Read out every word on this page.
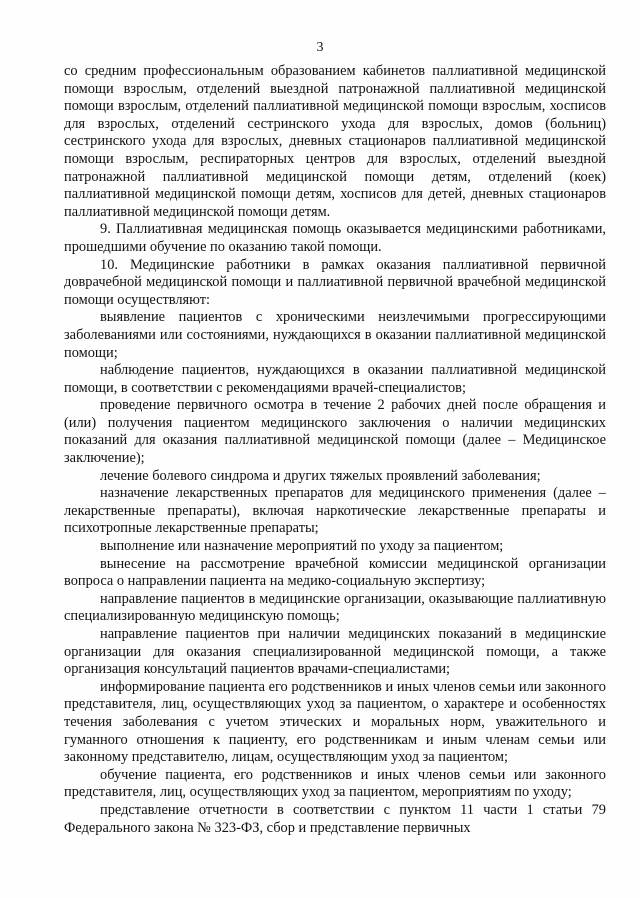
3

со средним профессиональным образованием кабинетов паллиативной медицинской помощи взрослым, отделений выездной патронажной паллиативной медицинской помощи взрослым, отделений паллиативной медицинской помощи взрослым, хосписов для взрослых, отделений сестринского ухода для взрослых, домов (больниц) сестринского ухода для взрослых, дневных стационаров паллиативной медицинской помощи взрослым, респираторных центров для взрослых, отделений выездной патронажной паллиативной медицинской помощи детям, отделений (коек) паллиативной медицинской помощи детям, хосписов для детей, дневных стационаров паллиативной медицинской помощи детям.

9. Паллиативная медицинская помощь оказывается медицинскими работниками, прошедшими обучение по оказанию такой помощи.

10. Медицинские работники в рамках оказания паллиативной первичной доврачебной медицинской помощи и паллиативной первичной врачебной медицинской помощи осуществляют:

выявление пациентов с хроническими неизлечимыми прогрессирующими заболеваниями или состояниями, нуждающихся в оказании паллиативной медицинской помощи;

наблюдение пациентов, нуждающихся в оказании паллиативной медицинской помощи, в соответствии с рекомендациями врачей-специалистов;

проведение первичного осмотра в течение 2 рабочих дней после обращения и (или) получения пациентом медицинского заключения о наличии медицинских показаний для оказания паллиативной медицинской помощи (далее – Медицинское заключение);

лечение болевого синдрома и других тяжелых проявлений заболевания;

назначение лекарственных препаратов для медицинского применения (далее – лекарственные препараты), включая наркотические лекарственные препараты и психотропные лекарственные препараты;

выполнение или назначение мероприятий по уходу за пациентом;

вынесение на рассмотрение врачебной комиссии медицинской организации вопроса о направлении пациента на медико-социальную экспертизу;

направление пациентов в медицинские организации, оказывающие паллиативную специализированную медицинскую помощь;

направление пациентов при наличии медицинских показаний в медицинские организации для оказания специализированной медицинской помощи, а также организация консультаций пациентов врачами-специалистами;

информирование пациента его родственников и иных членов семьи или законного представителя, лиц, осуществляющих уход за пациентом, о характере и особенностях течения заболевания с учетом этических и моральных норм, уважительного и гуманного отношения к пациенту, его родственникам и иным членам семьи или законному представителю, лицам, осуществляющим уход за пациентом;

обучение пациента, его родственников и иных членов семьи или законного представителя, лиц, осуществляющих уход за пациентом, мероприятиям по уходу;

представление отчетности в соответствии с пунктом 11 части 1 статьи 79 Федерального закона № 323-ФЗ, сбор и представление первичных
